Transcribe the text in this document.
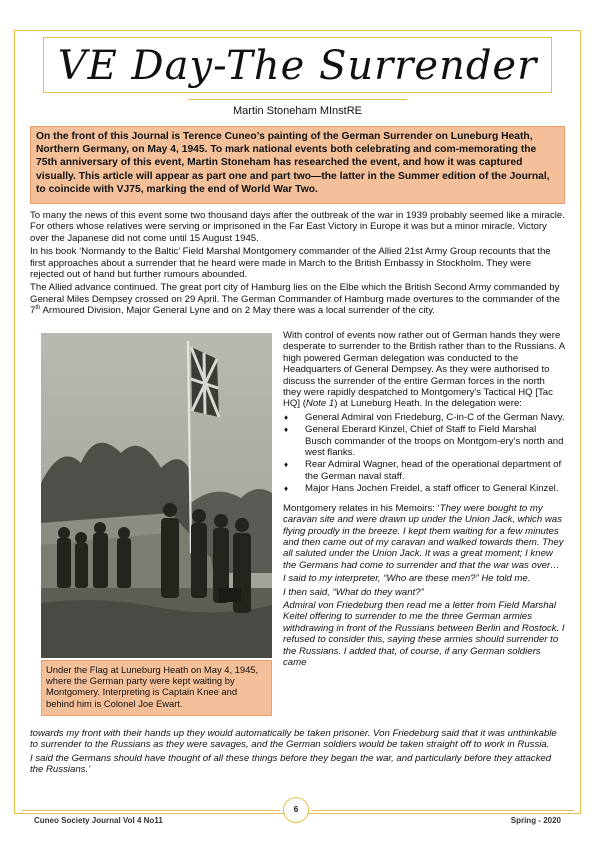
VE Day-The Surrender
Martin Stoneham MInstRE
On the front of this Journal is Terence Cuneo’s painting of the German Surrender on Luneburg Heath, Northern Germany, on May 4, 1945. To mark national events both celebrating and com-memorating the 75th anniversary of this event, Martin Stoneham has researched the event, and how it was captured visually. This article will appear as part one and part two—the latter in the Summer edition of the Journal, to coincide with VJ75, marking the end of World War Two.

To many the news of this event some two thousand days after the outbreak of the war in 1939 probably seemed like a miracle. For others whose relatives were serving or imprisoned in the Far East Victory in Europe it was but a minor miracle. Victory over the Japanese did not come until 15 August 1945.

In his book ‘Normandy to the Baltic’ Field Marshal Montgomery commander of the Allied 21st Army Group recounts that the first approaches about a surrender that he heard were made in March to the British Embassy in Stockholm. They were rejected out of hand but further rumours abounded.

The Allied advance continued. The great port city of Hamburg lies on the Elbe which the British Second Army commanded by General Miles Dempsey crossed on 29 April. The German Commander of Hamburg made overtures to the commander of the 7th Armoured Division, Major General Lyne and on 2 May there was a local surrender of the city.

Under the Flag at Luneburg Heath on May 4, 1945, where the German party were kept waiting by Montgomery. Interpreting is Captain Knee and behind him is Colonel Joe Ewart.

With control of events now rather out of German hands they were desperate to surrender to the British rather than to the Russians. A high powered German delegation was conducted to the Headquarters of General Dempsey. As they were authorised to discuss the surrender of the entire German forces in the north they were rapidly despatched to Montgomery's Tactical HQ [Tac HQ] (Note 1) at Luneburg Heath. In the delegation were:

♦	General Admiral von Friedeburg, C-in-C of the German Navy.
♦	General Eberard Kinzel, Chief of Staff to Field Marshal Busch commander of the troops on Montgom-ery’s north and west flanks.
♦	Rear Admiral Wagner, head of the operational department of the German naval staff.
♦	Major Hans Jochen Freidel, a staff officer to General Kinzel.

Montgomery relates in his Memoirs: ‘They were bought to my caravan site and were drawn up under the Union Jack, which was flying proudly in the breeze. I kept them waiting for a few minutes and then came out of my caravan and walked towards them. They all saluted under the Union Jack. It was a great moment; I knew the Germans had come to surrender and that the war was over…

I said to my interpreter, “Who are these men?” He told me.

I then said, “What do they want?”

Admiral von Friedeburg then read me a letter from Field Marshal Keitel offering to surrender to me the three German armies withdrawing in front of the Russians between Berlin and Rostock. I refused to consider this, saying these armies should surrender to the Russians. I added that, of course, if any German soldiers came

towards my front with their hands up they would automatically be taken prisoner. Von Friedeburg said that it was unthinkable to surrender to the Russians as they were savages, and the German soldiers would be taken straight off to work in Russia.

I said the Germans should have thought of all these things before they began the war, and particularly before they attacked the Russians.’

6
Cuneo Society Journal Vol 4 No11	Spring - 2020
